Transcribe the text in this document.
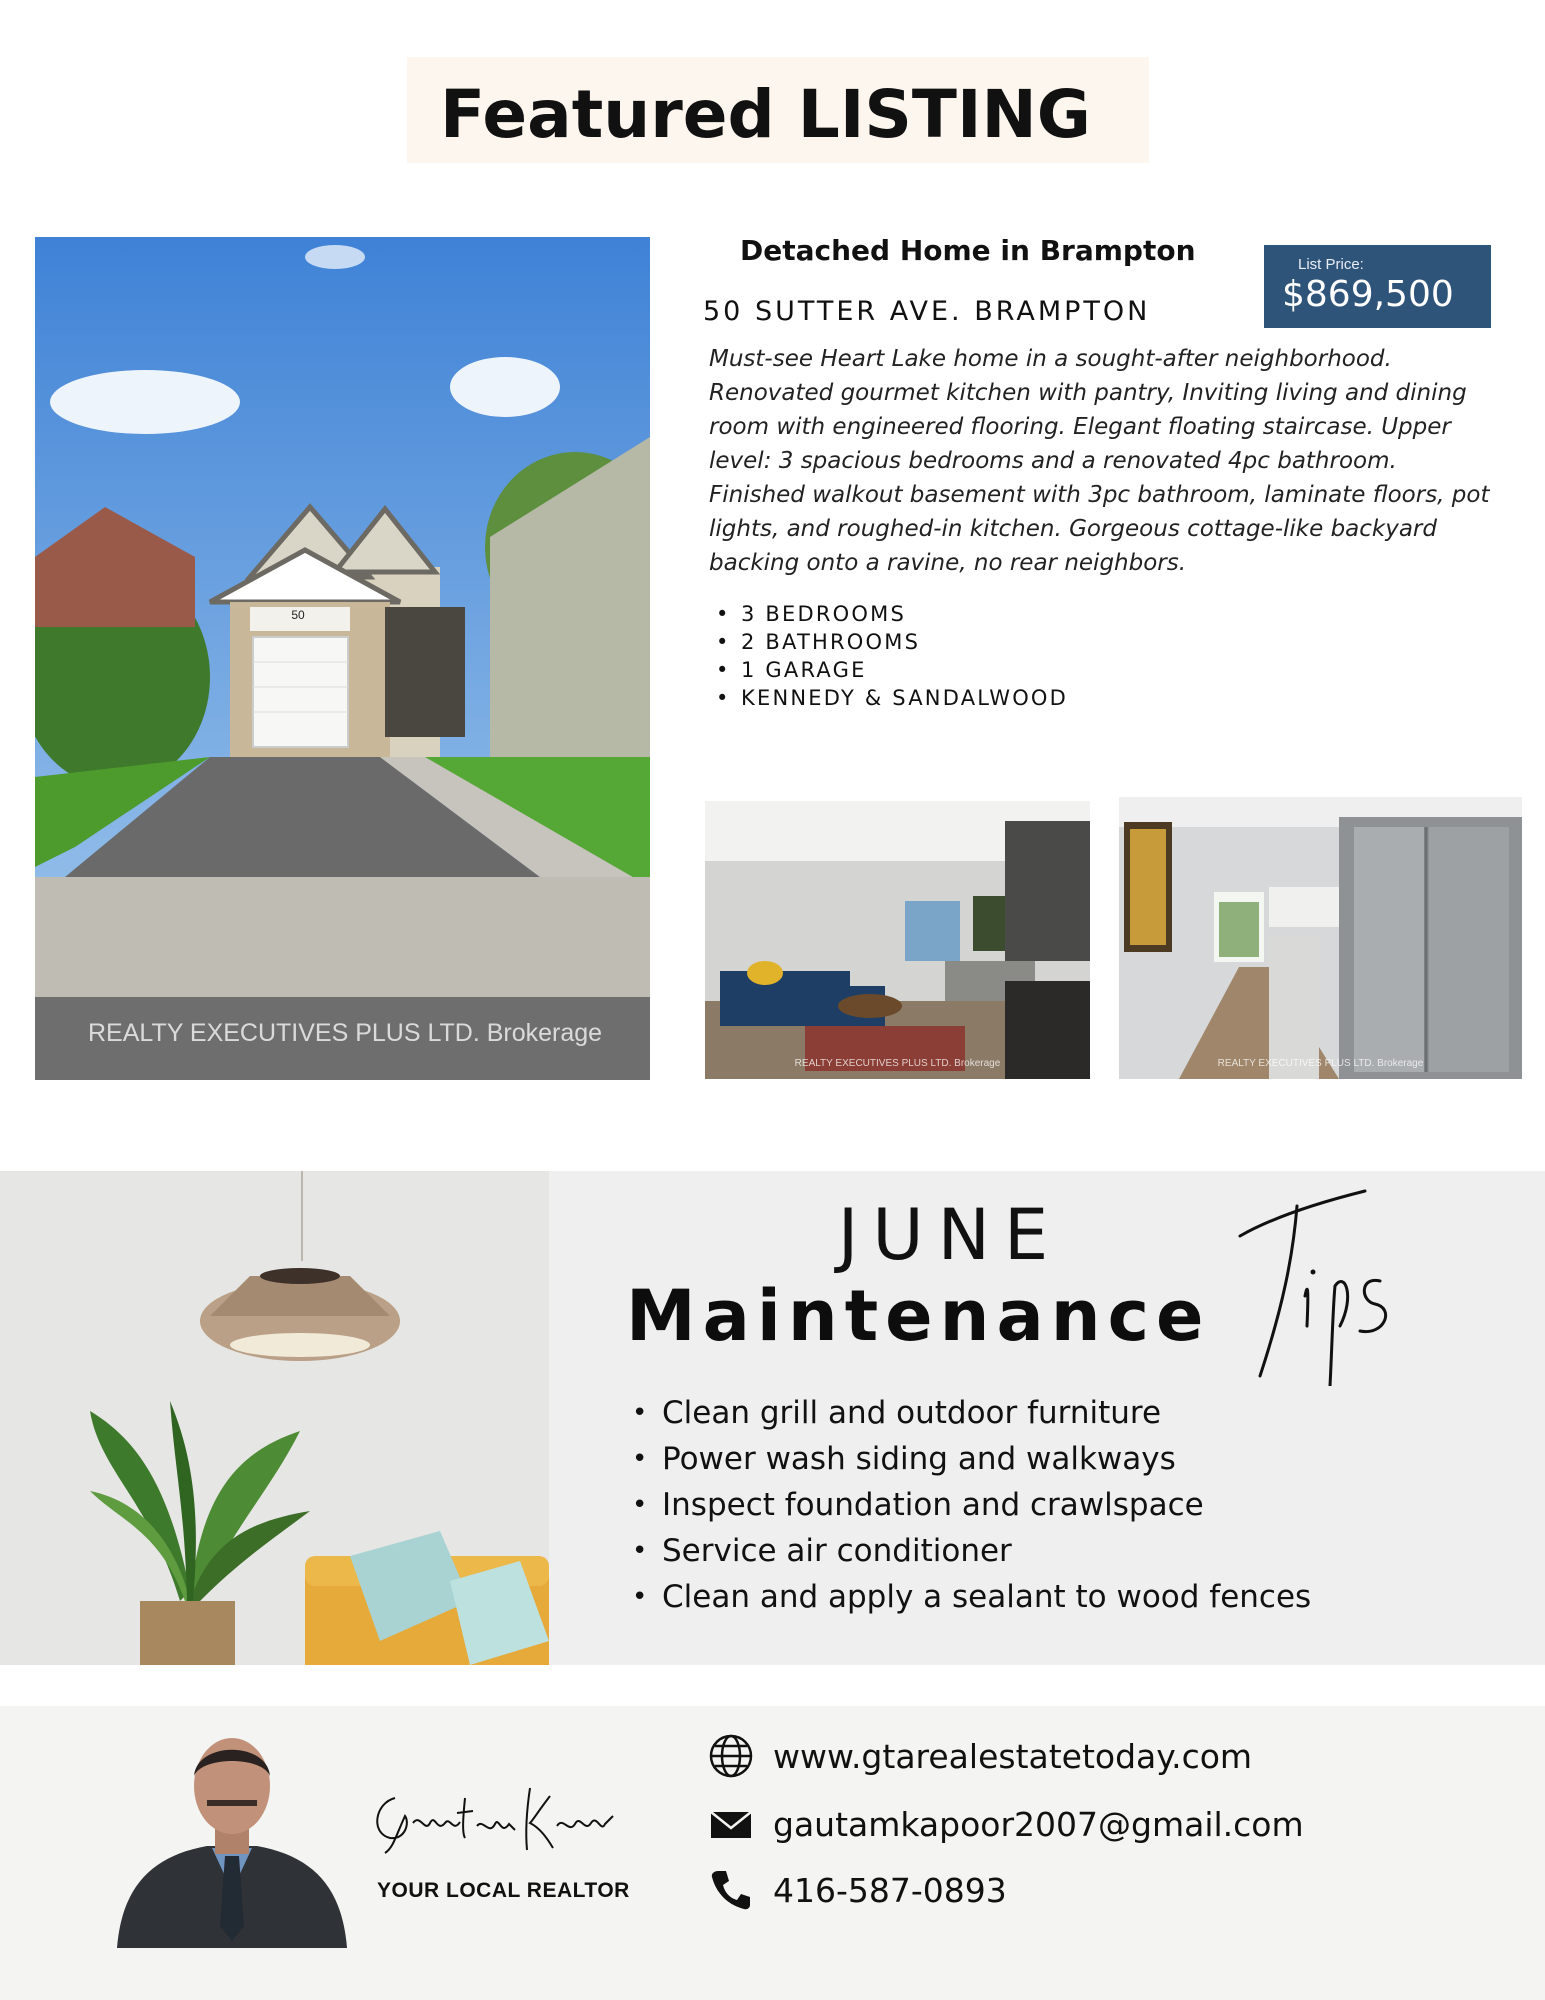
Featured LISTING
50
REALTY EXECUTIVES PLUS LTD. Brokerage
Detached Home in Brampton
50 SUTTER AVE. BRAMPTON
List Price:
$869,500
Must-see Heart Lake home in a sought-after neighborhood. Renovated gourmet kitchen with pantry, Inviting living and dining room with engineered flooring. Elegant floating staircase. Upper level: 3 spacious bedrooms and a renovated 4pc bathroom. Finished walkout basement with 3pc bathroom, laminate floors, pot lights, and roughed-in kitchen. Gorgeous cottage-like backyard backing onto a ravine, no rear neighbors.
• 3 BEDROOMS
• 2 BATHROOMS
• 1 GARAGE
• KENNEDY & SANDALWOOD
REALTY EXECUTIVES PLUS LTD. Brokerage	REALTY EXECUTIVES PLUS LTD. Brokerage
JUNE
Maintenance
• Clean grill and outdoor furniture
• Power wash siding and walkways
• Inspect foundation and crawlspace
• Service air conditioner
• Clean and apply a sealant to wood fences
YOUR LOCAL REALTOR
www.gtarealestatetoday.com
gautamkapoor2007@gmail.com
416-587-0893
